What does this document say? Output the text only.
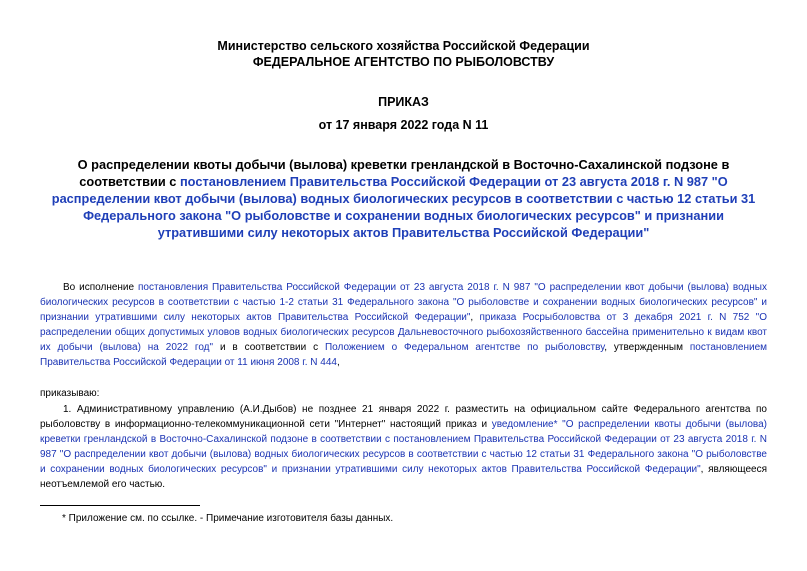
Министерство сельского хозяйства Российской Федерации
ФЕДЕРАЛЬНОЕ АГЕНТСТВО ПО РЫБОЛОВСТВУ
ПРИКАЗ
от 17 января 2022 года N 11
О распределении квоты добычи (вылова) креветки гренландской в Восточно-Сахалинской подзоне в соответствии с постановлением Правительства Российской Федерации от 23 августа 2018 г. N 987 "О распределении квот добычи (вылова) водных биологических ресурсов в соответствии с частью 12 статьи 31 Федерального закона "О рыболовстве и сохранении водных биологических ресурсов" и признании утратившими силу некоторых актов Правительства Российской Федерации"
Во исполнение постановления Правительства Российской Федерации от 23 августа 2018 г. N 987 "О распределении квот добычи (вылова) водных биологических ресурсов в соответствии с частью 1-2 статьи 31 Федерального закона "О рыболовстве и сохранении водных биологических ресурсов" и признании утратившими силу некоторых актов Правительства Российской Федерации", приказа Росрыболовства от 3 декабря 2021 г. N 752 "О распределении общих допустимых уловов водных биологических ресурсов Дальневосточного рыбохозяйственного бассейна применительно к видам квот их добычи (вылова) на 2022 год" и в соответствии с Положением о Федеральном агентстве по рыболовству, утвержденным постановлением Правительства Российской Федерации от 11 июня 2008 г. N 444,
приказываю:
1. Административному управлению (А.И.Дыбов) не позднее 21 января 2022 г. разместить на официальном сайте Федерального агентства по рыболовству в информационно-телекоммуникационной сети "Интернет" настоящий приказ и уведомление* "О распределении квоты добычи (вылова) креветки гренландской в Восточно-Сахалинской подзоне в соответствии с постановлением Правительства Российской Федерации от 23 августа 2018 г. N 987 "О распределении квот добычи (вылова) водных биологических ресурсов в соответствии с частью 12 статьи 31 Федерального закона "О рыболовстве и сохранении водных биологических ресурсов" и признании утратившими силу некоторых актов Правительства Российской Федерации", являющееся неотъемлемой его частью.
* Приложение см. по ссылке. - Примечание изготовителя базы данных.
